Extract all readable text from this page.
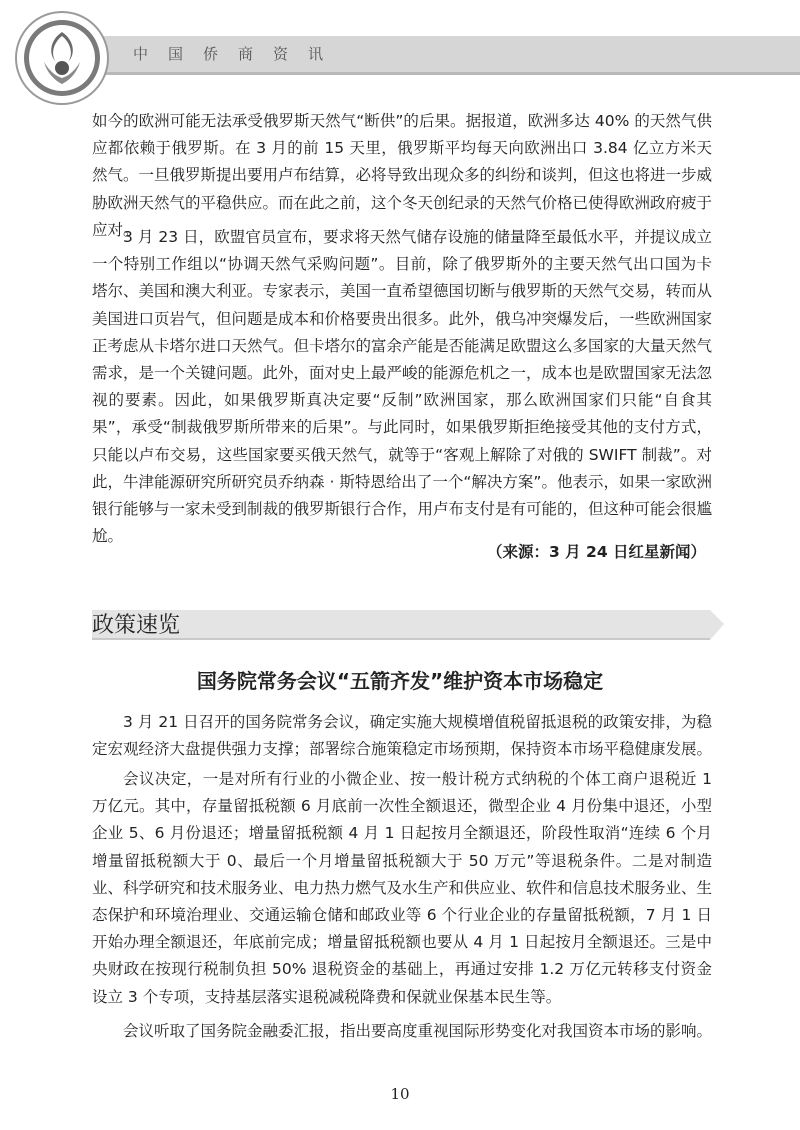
中国侨商资讯

如今的欧洲可能无法承受俄罗斯天然气“断供”的后果。据报道，欧洲多达 40% 的天然气供应都依赖于俄罗斯。在 3 月的前 15 天里，俄罗斯平均每天向欧洲出口 3.84 亿立方米天然气。一旦俄罗斯提出要用卢布结算，必将导致出现众多的纠纷和谈判，但这也将进一步威胁欧洲天然气的平稳供应。而在此之前，这个冬天创纪录的天然气价格已使得欧洲政府疲于应对。

3 月 23 日，欧盟官员宣布，要求将天然气储存设施的储量降至最低水平，并提议成立一个特别工作组以“协调天然气采购问题”。目前，除了俄罗斯外的主要天然气出口国为卡塔尔、美国和澳大利亚。专家表示，美国一直希望德国切断与俄罗斯的天然气交易，转而从美国进口页岩气，但问题是成本和价格要贵出很多。此外，俄乌冲突爆发后，一些欧洲国家正考虑从卡塔尔进口天然气。但卡塔尔的富余产能是否能满足欧盟这么多国家的大量天然气需求，是一个关键问题。此外，面对史上最严峻的能源危机之一，成本也是欧盟国家无法忽视的要素。因此，如果俄罗斯真决定要“反制”欧洲国家，那么欧洲国家们只能“自食其果”，承受“制裁俄罗斯所带来的后果”。与此同时，如果俄罗斯拒绝接受其他的支付方式，只能以卢布交易，这些国家要买俄天然气，就等于“客观上解除了对俄的 SWIFT 制裁”。对此，牛津能源研究所研究员乔纳森 · 斯特恩给出了一个“解决方案”。他表示，如果一家欧洲银行能够与一家未受到制裁的俄罗斯银行合作，用卢布支付是有可能的，但这种可能会很尴尬。

（来源：3 月 24 日红星新闻）
政策速览
国务院常务会议“五箭齐发”维护资本市场稳定

3 月 21 日召开的国务院常务会议，确定实施大规模增值税留抵退税的政策安排，为稳定宏观经济大盘提供强力支撑；部署综合施策稳定市场预期，保持资本市场平稳健康发展。

会议决定，一是对所有行业的小微企业、按一般计税方式纳税的个体工商户退税近 1 万亿元。其中，存量留抵税额 6 月底前一次性全额退还，微型企业 4 月份集中退还，小型企业 5、6 月份退还；增量留抵税额 4 月 1 日起按月全额退还，阶段性取消“连续 6 个月增量留抵税额大于 0、最后一个月增量留抵税额大于 50 万元”等退税条件。二是对制造业、科学研究和技术服务业、电力热力燃气及水生产和供应业、软件和信息技术服务业、生态保护和环境治理业、交通运输仓储和邮政业等 6 个行业企业的存量留抵税额，7 月 1 日开始办理全额退还，年底前完成；增量留抵税额也要从 4 月 1 日起按月全额退还。三是中央财政在按现行税制负担 50% 退税资金的基础上，再通过安排 1.2 万亿元转移支付资金设立 3 个专项，支持基层落实退税减税降费和保就业保基本民生等。

会议听取了国务院金融委汇报，指出要高度重视国际形势变化对我国资本市场的影响。

10
